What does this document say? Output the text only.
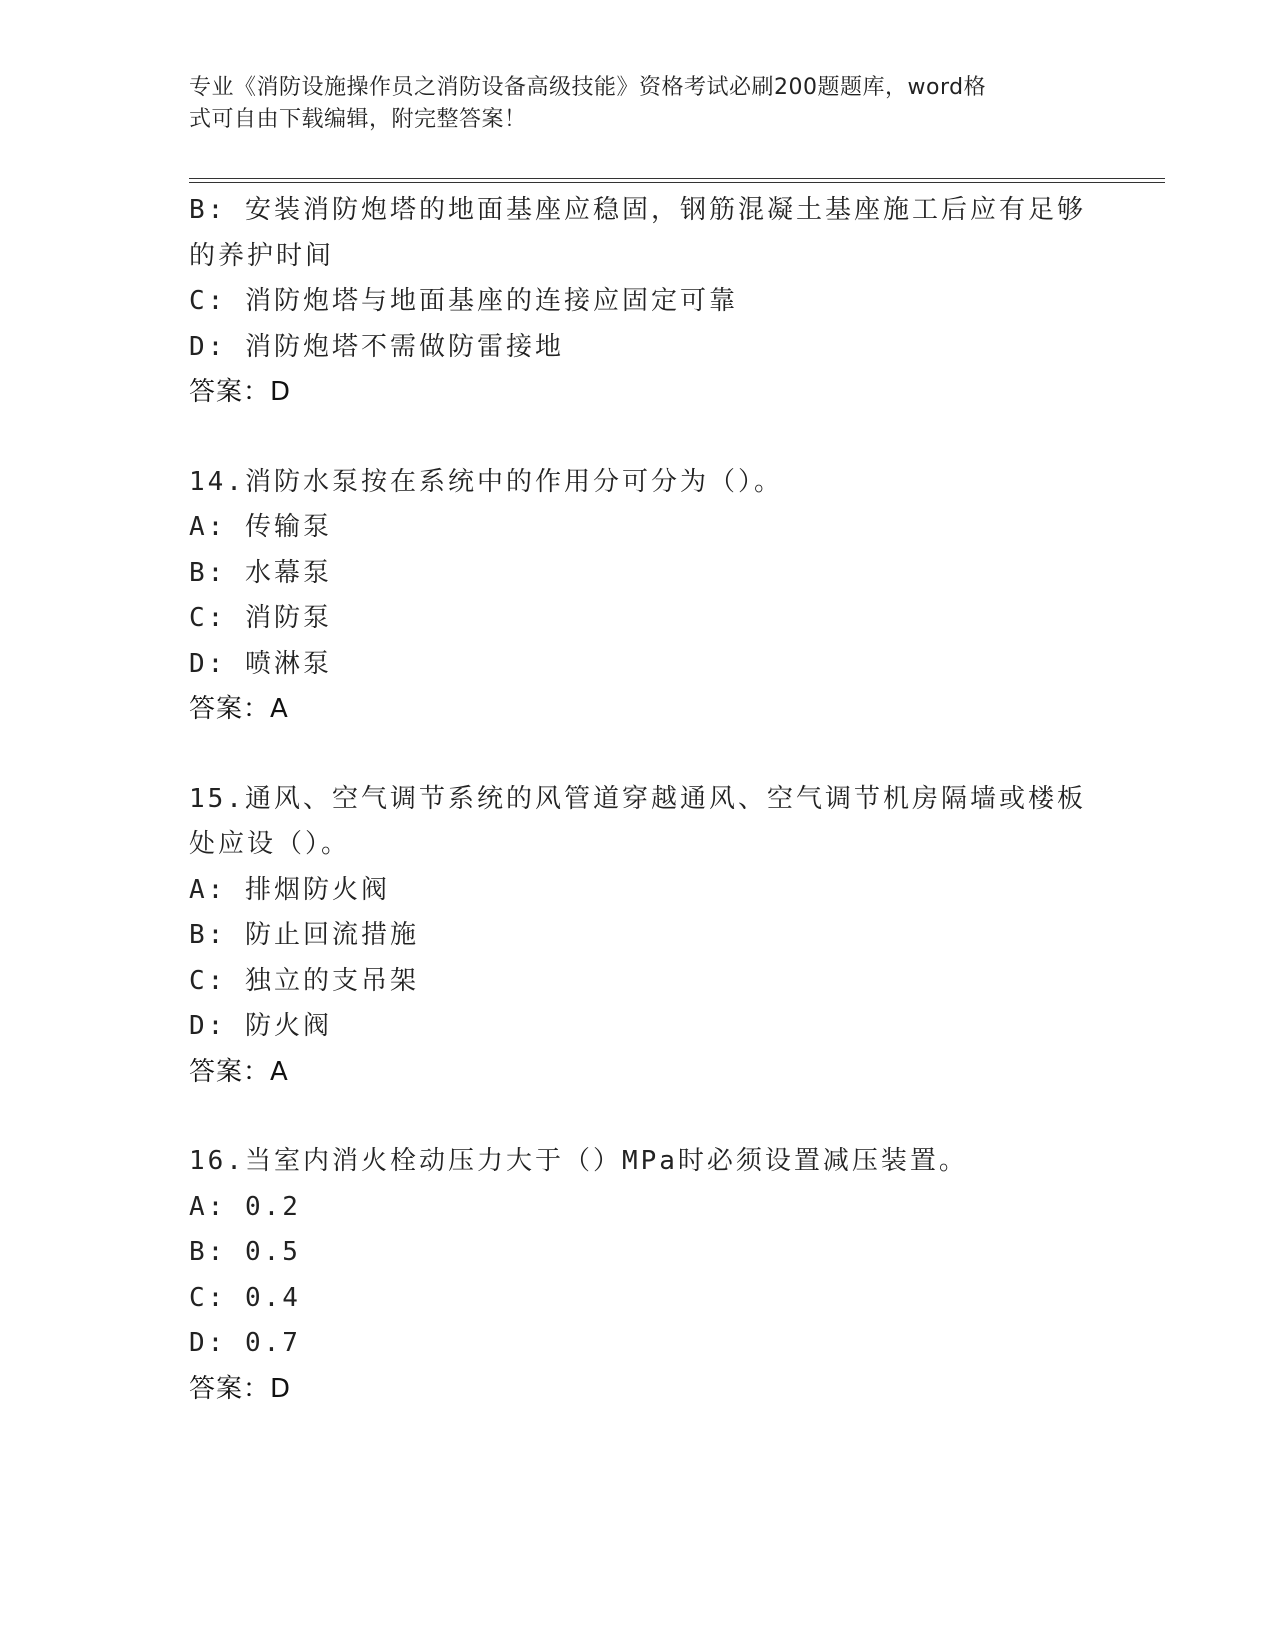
专业《消防设施操作员之消防设备高级技能》资格考试必刷200题题库，word格
式可自由下载编辑，附完整答案！
B: 安装消防炮塔的地面基座应稳固，钢筋混凝土基座施工后应有足够
的养护时间
C: 消防炮塔与地面基座的连接应固定可靠
D: 消防炮塔不需做防雷接地
答案：D
14.消防水泵按在系统中的作用分可分为（）。
A: 传输泵
B: 水幕泵
C: 消防泵
D: 喷淋泵
答案：A
15.通风、空气调节系统的风管道穿越通风、空气调节机房隔墙或楼板
处应设（）。
A: 排烟防火阀
B: 防止回流措施
C: 独立的支吊架
D: 防火阀
答案：A
16.当室内消火栓动压力大于（）MPa时必须设置减压装置。
A: 0.2
B: 0.5
C: 0.4
D: 0.7
答案：D
